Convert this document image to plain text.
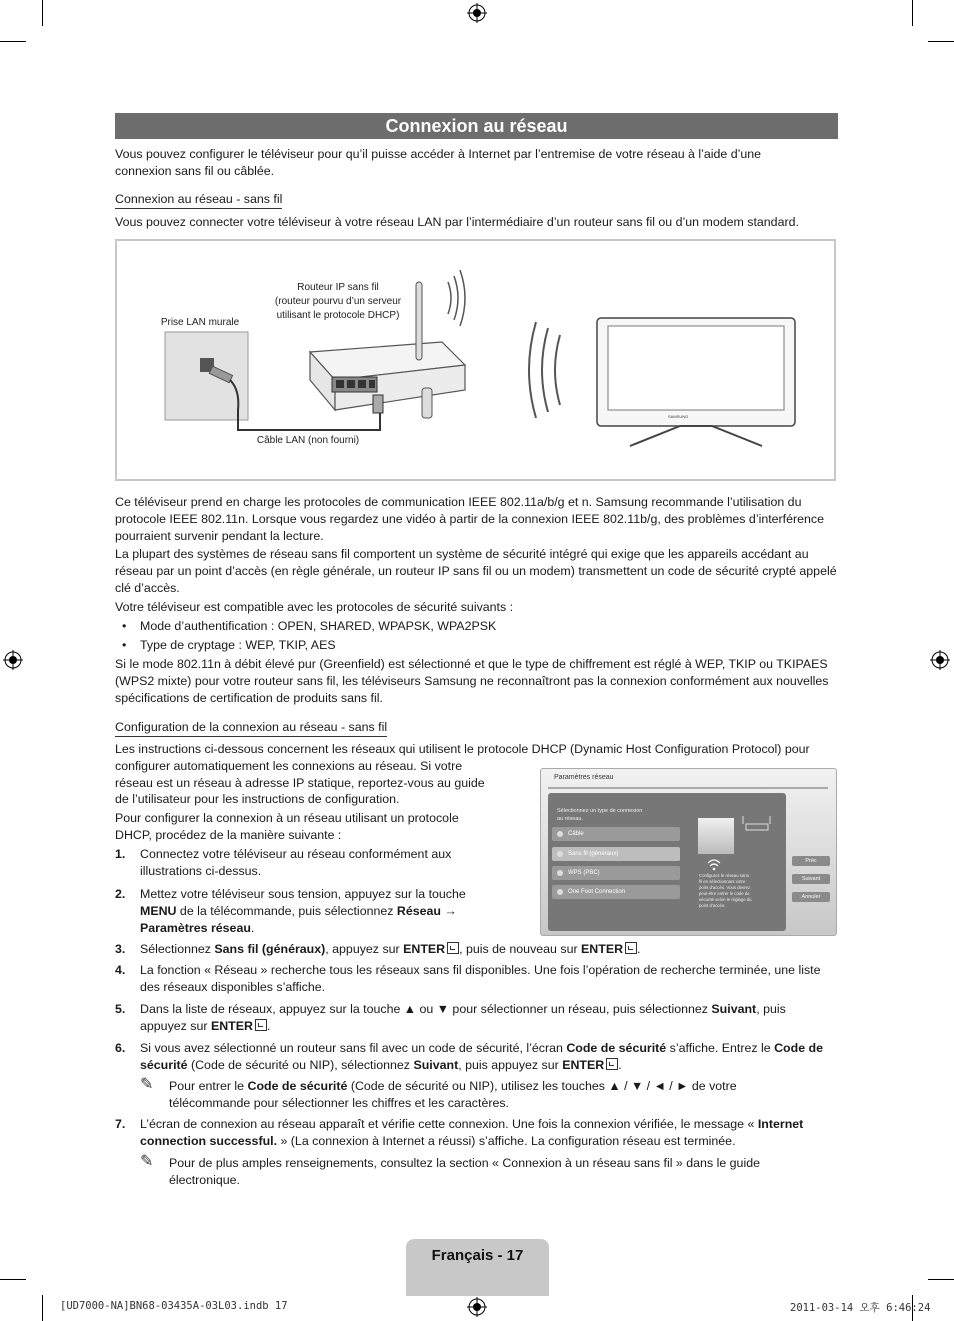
Connexion au réseau

Vous pouvez configurer le téléviseur pour qu’il puisse accéder à Internet par l’entremise de votre réseau à l’aide d’une connexion sans fil ou câblée.

Connexion au réseau - sans fil

Vous pouvez connecter votre téléviseur à votre réseau LAN par l’intermédiaire d’un routeur sans fil ou d’un modem standard.

Routeur IP sans fil
(routeur pourvu d’un serveur
utilisant le protocole DHCP)
Prise LAN murale
Câble LAN (non fourni)
SAMSUNG

Ce téléviseur prend en charge les protocoles de communication IEEE 802.11a/b/g et n. Samsung recommande l’utilisation du protocole IEEE 802.11n. Lorsque vous regardez une vidéo à partir de la connexion IEEE 802.11b/g, des problèmes d’interférence pourraient survenir pendant la lecture.

La plupart des systèmes de réseau sans fil comportent un système de sécurité intégré qui exige que les appareils accédant au réseau par un point d’accès (en règle générale, un routeur IP sans fil ou un modem) transmettent un code de sécurité crypté appelé clé d’accès.

Votre téléviseur est compatible avec les protocoles de sécurité suivants :

• Mode d’authentification : OPEN, SHARED, WPAPSK, WPA2PSK

• Type de cryptage : WEP, TKIP, AES

Si le mode 802.11n à débit élevé pur (Greenfield) est sélectionné et que le type de chiffrement est réglé à WEP, TKIP ou TKIPAES (WPS2 mixte) pour votre routeur sans fil, les téléviseurs Samsung ne reconnaîtront pas la connexion conformément aux nouvelles spécifications de certification de produits sans fil.

Configuration de la connexion au réseau - sans fil
Les instructions ci-dessous concernent les réseaux qui utilisent le protocole DHCP (Dynamic Host Configuration Protocol) pour
configurer automatiquement les connexions au réseau. Si votre
réseau est un réseau à adresse IP statique, reportez-vous au guide
de l’utilisateur pour les instructions de configuration.
Pour configurer la connexion à un réseau utilisant un protocole
DHCP, procédez de la manière suivante :
1. Connectez votre téléviseur au réseau conformément aux
illustrations ci-dessus.
2. Mettez votre téléviseur sous tension, appuyez sur la touche
MENU de la télécommande, puis sélectionnez Réseau →
Paramètres réseau.
Paramètres réseau
Sélectionnez un type de connexion
au réseau.
Câble
Sans fil (généraux)
WPS (PBC)
One Foot Connection
Configurez le réseau sans
fil en sélectionnant votre
point d’accès. Vous devrez
peut-être entrer le code de
sécurité selon le réglage du
point d’accès.
Préc
Suivant
Annuler
3. Sélectionnez Sans fil (généraux), appuyez sur ENTER , puis de nouveau sur ENTER .
4. La fonction « Réseau » recherche tous les réseaux sans fil disponibles. Une fois l’opération de recherche terminée, une liste des réseaux disponibles s’affiche.

5. Dans la liste de réseaux, appuyez sur la touche ▲ ou ▼ pour sélectionner un réseau, puis sélectionnez Suivant, puis appuyez sur ENTER .
6. Si vous avez sélectionné un routeur sans fil avec un code de sécurité, l’écran Code de sécurité s’affiche. Entrez le Code de sécurité (Code de sécurité ou NIP), sélectionnez Suivant, puis appuyez sur ENTER .
✎ Pour entrer le Code de sécurité (Code de sécurité ou NIP), utilisez les touches ▲ / ▼ / ◄ / ► de votre télécommande pour sélectionner les chiffres et les caractères.
7. L’écran de connexion au réseau apparaît et vérifie cette connexion. Une fois la connexion vérifiée, le message « Internet connection successful. » (La connexion à Internet a réussi) s’affiche. La configuration réseau est terminée.
✎ Pour de plus amples renseignements, consultez la section « Connexion à un réseau sans fil » dans le guide électronique.

Français - 17
[UD7000-NA]BN68-03435A-03L03.indb 17	2011-03-14 오후 6:46:24
